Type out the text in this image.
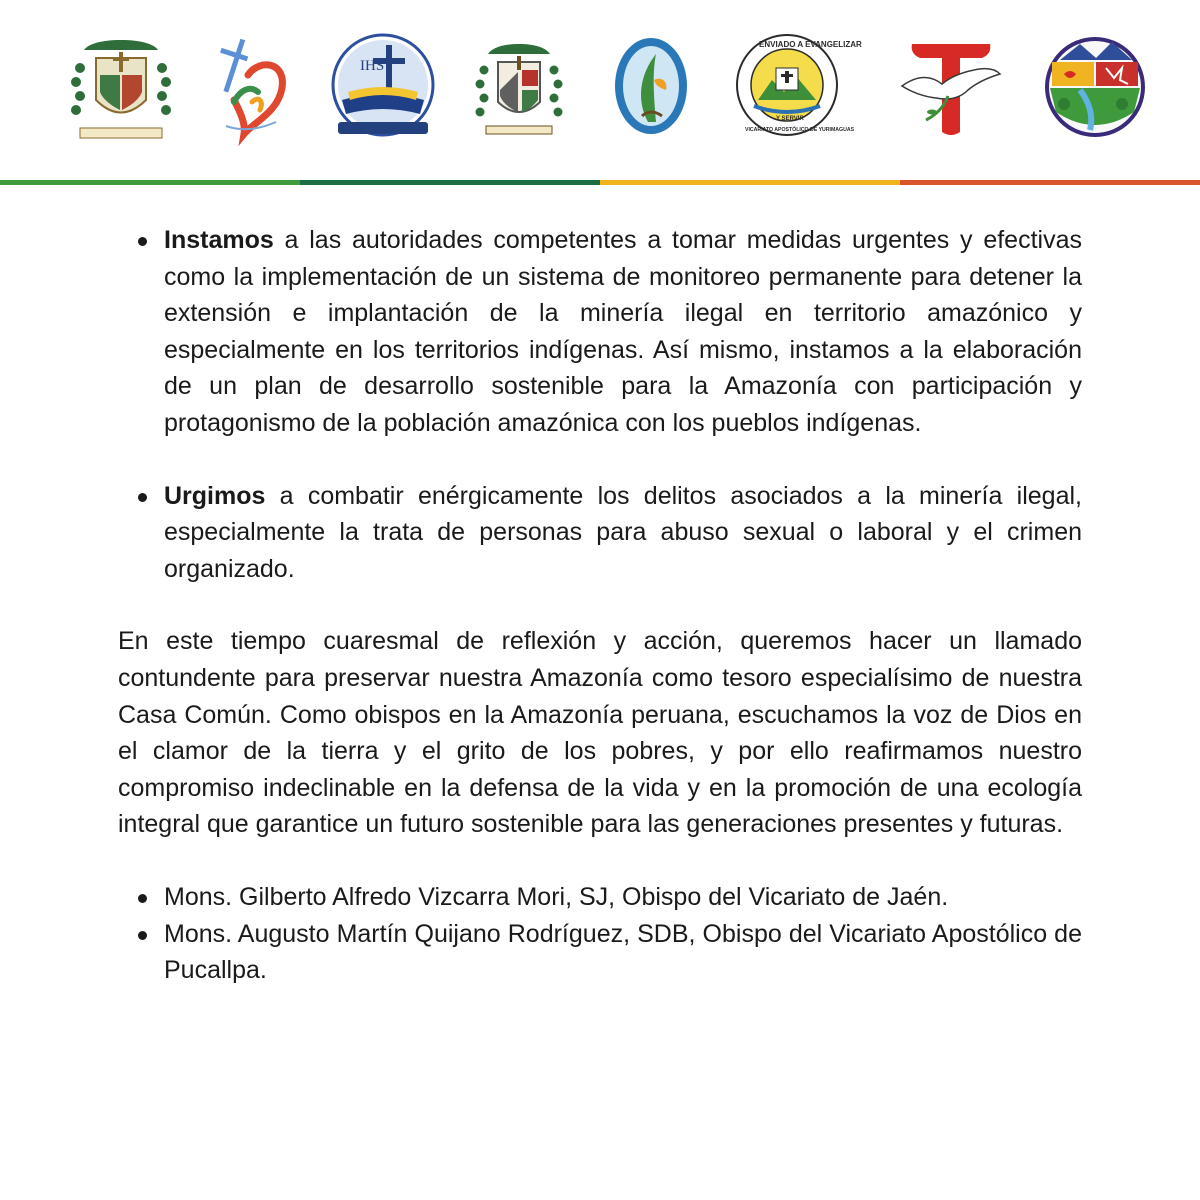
IHS
ENVIADO A EVANGELIZAR
Y SERVIR
VICARIATO APOSTÓLICO DE YURIMAGUAS
Instamos a las autoridades competentes a tomar medidas urgentes y efectivas como la implementación de un sistema de monitoreo permanente para detener la extensión e implantación de la minería ilegal en territorio amazónico y especialmente en los territorios indígenas. Así mismo, instamos a la elaboración de un plan de desarrollo sostenible para la Amazonía con participación y protagonismo de la población amazónica con los pueblos indígenas.
Urgimos a combatir enérgicamente los delitos asociados a la minería ilegal, especialmente la trata de personas para abuso sexual o laboral y el crimen organizado.

En este tiempo cuaresmal de reflexión y acción, queremos hacer un llamado contundente para preservar nuestra Amazonía como tesoro especialísimo de nuestra Casa Común. Como obispos en la Amazonía peruana, escuchamos la voz de Dios en el clamor de la tierra y el grito de los pobres, y por ello reafirmamos nuestro compromiso indeclinable en la defensa de la vida y en la promoción de una ecología integral que garantice un futuro sostenible para las generaciones presentes y futuras.

Mons. Gilberto Alfredo Vizcarra Mori, SJ, Obispo del Vicariato de Jaén.
Mons. Augusto Martín Quijano Rodríguez, SDB, Obispo del Vicariato Apostólico de Pucallpa.
